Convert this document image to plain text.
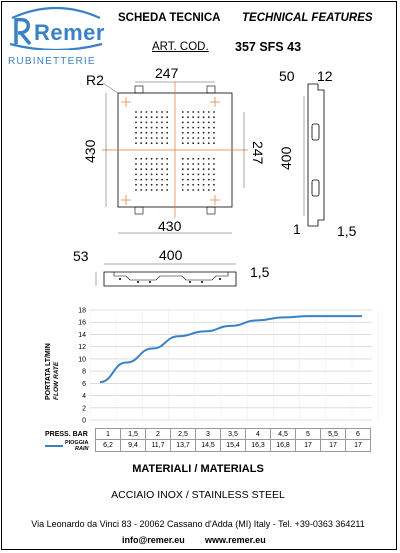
Remer
RUBINETTERIE
SCHEDA TECNICA TECHNICAL FEATURES
ART. COD. 357 SFS 43
247
R2
430	247
430
50 12
400
1	1,5
53	400
1,5
0
2
4
6
8
10
12
14
16
18
PORTATA LT/MIN FLOW RATE
PRESS. BAR	1	1,5	2	2,5	3	3,5	4	4,5	5	5,5	6
PIOGGIA
RAIN	6,2	9,4	11,7	13,7	14,5	15,4	16,3	16,8	17	17	17
MATERIALI / MATERIALS
ACCIAIO INOX / STAINLESS STEEL
Via Leonardo da Vinci 83 - 20062 Cassano d'Adda (MI) Italy - Tel. +39-0363 364211
info@remer.eu www.remer.eu
